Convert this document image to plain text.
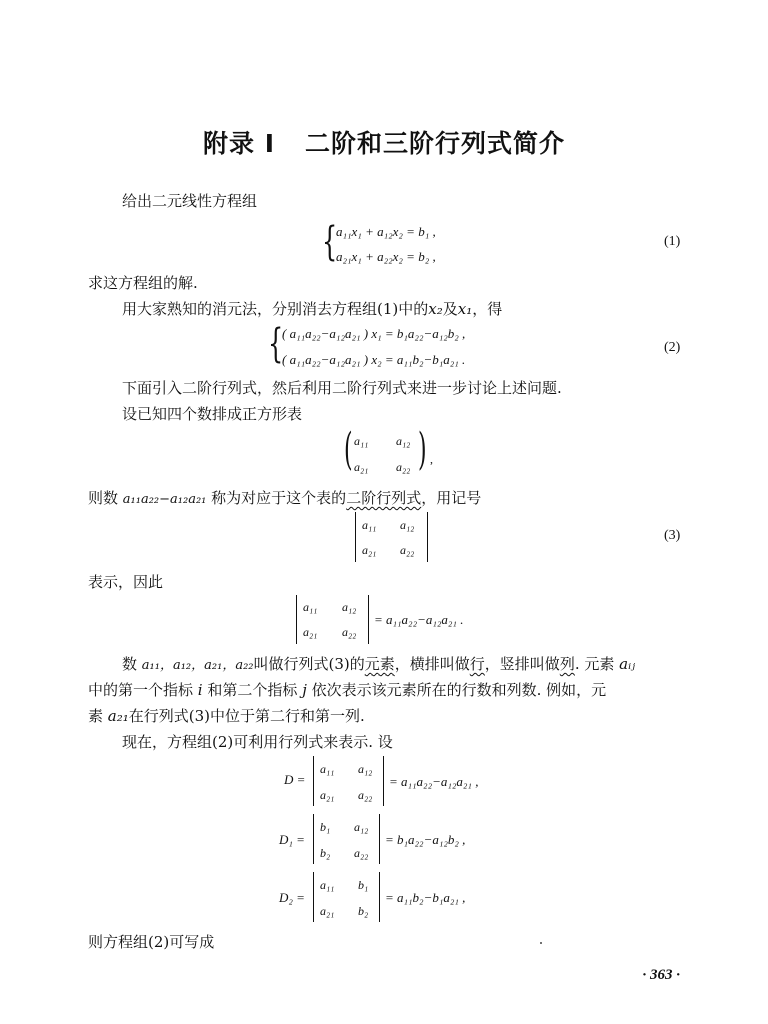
附录 I 二阶和三阶行列式简介
给出二元线性方程组
{
a₁₁x₁ + a₁₂x₂ = b₁ ,
a₂₁x₁ + a₂₂x₂ = b₂ ,
(1)
求这方程组的解.
用大家熟知的消元法，分别消去方程组(1)中的x₂及x₁，得
{
( a₁₁a₂₂−a₁₂a₂₁ ) x₁ = b₁a₂₂−a₁₂b₂ ,
( a₁₁a₂₂−a₁₂a₂₁ ) x₂ = a₁₁b₂−b₁a₂₁ .
(2)
下面引入二阶行列式，然后利用二阶行列式来进一步讨论上述问题.
设已知四个数排成正方形表
( a₁₁ a₁₂
a₂₁ a₂₂ ) ,
则数 a₁₁a₂₂−a₁₂a₂₁ 称为对应于这个表的二阶行列式，用记号
a₁₁ a₁₂
a₂₁ a₂₂
(3)
表示，因此
a₁₁ a₁₂
a₂₁ a₂₂
= a₁₁a₂₂−a₁₂a₂₁ .
数 a₁₁，a₁₂，a₂₁，a₂₂叫做行列式(3)的元素，横排叫做行，竖排叫做列. 元素 aᵢⱼ
中的第一个指标 i 和第二个指标 j 依次表示该元素所在的行数和列数. 例如，元
素 a₂₁在行列式(3)中位于第二行和第一列.
现在，方程组(2)可利用行列式来表示. 设
D =
a₁₁ a₁₂
a₂₁ a₂₂
= a₁₁a₂₂−a₁₂a₂₁ ,
D₁ =
b₁ a₁₂
b₂ a₂₂
= b₁a₂₂−a₁₂b₂ ,
D₂ =
a₁₁ b₁
a₂₁ b₂
= a₁₁b₂−b₁a₂₁ ,
则方程组(2)可写成
· 363 ·
